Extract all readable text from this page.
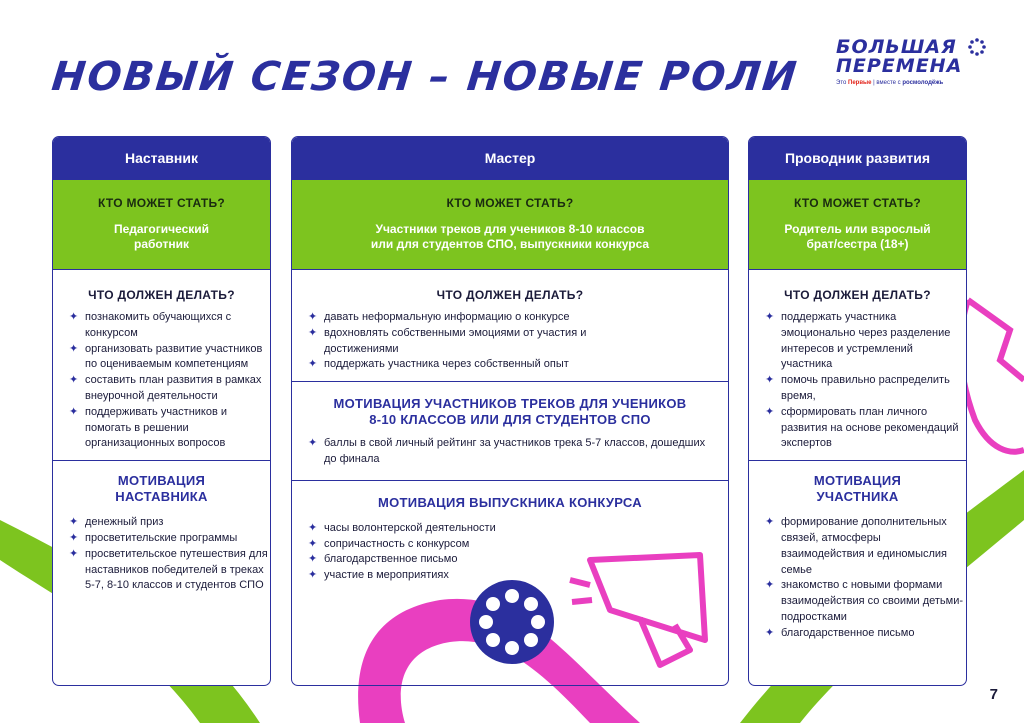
НОВЫЙ СЕЗОН – НОВЫЕ РОЛИ
БОЛЬШАЯ
ПЕРЕМЕНА
Это Первые | вместе с росмолодёжь
Наставник
КТО МОЖЕТ СТАТЬ?
Педагогический
работник
ЧТО ДОЛЖЕН ДЕЛАТЬ?
✦ познакомить обучающихся с конкурсом
✦ организовать развитие участников по оцениваемым компетенциям
✦ составить план развития в рамках внеурочной деятельности
✦ поддерживать участников и помогать в решении организационных вопросов
МОТИВАЦИЯ
НАСТАВНИКА
✦ денежный приз
✦ просветительские программы
✦ просветительское путешествия для наставников победителей в треках 5-7, 8-10 классов и студентов СПО
Мастер
КТО МОЖЕТ СТАТЬ?
Участники треков для учеников 8-10 классов
или для студентов СПО, выпускники конкурса
ЧТО ДОЛЖЕН ДЕЛАТЬ?
✦ давать неформальную информацию о конкурсе
✦ вдохновлять собственными эмоциями от участия и достижениями
✦ поддержать участника через собственный опыт
МОТИВАЦИЯ УЧАСТНИКОВ ТРЕКОВ ДЛЯ УЧЕНИКОВ
8-10 КЛАССОВ ИЛИ ДЛЯ СТУДЕНТОВ СПО
✦ баллы в свой личный рейтинг за участников трека 5-7 классов, дошедших до финала
МОТИВАЦИЯ ВЫПУСКНИКА КОНКУРСА
✦ часы волонтерской деятельности
✦ сопричастность с конкурсом
✦ благодарственное письмо
✦ участие в мероприятиях
Проводник развития
КТО МОЖЕТ СТАТЬ?
Родитель или взрослый
брат/сестра (18+)
ЧТО ДОЛЖЕН ДЕЛАТЬ?
✦ поддержать участника эмоционально через разделение интересов и устремлений участника
✦ помочь правильно распределить время,
✦ сформировать план личного развития на основе рекомендаций экспертов
МОТИВАЦИЯ
УЧАСТНИКА
✦ формирование дополнительных связей, атмосферы взаимодействия и единомыслия семье
✦ знакомство с новыми формами взаимодействия со своими детьми-подростками
✦ благодарственное письмо
7
